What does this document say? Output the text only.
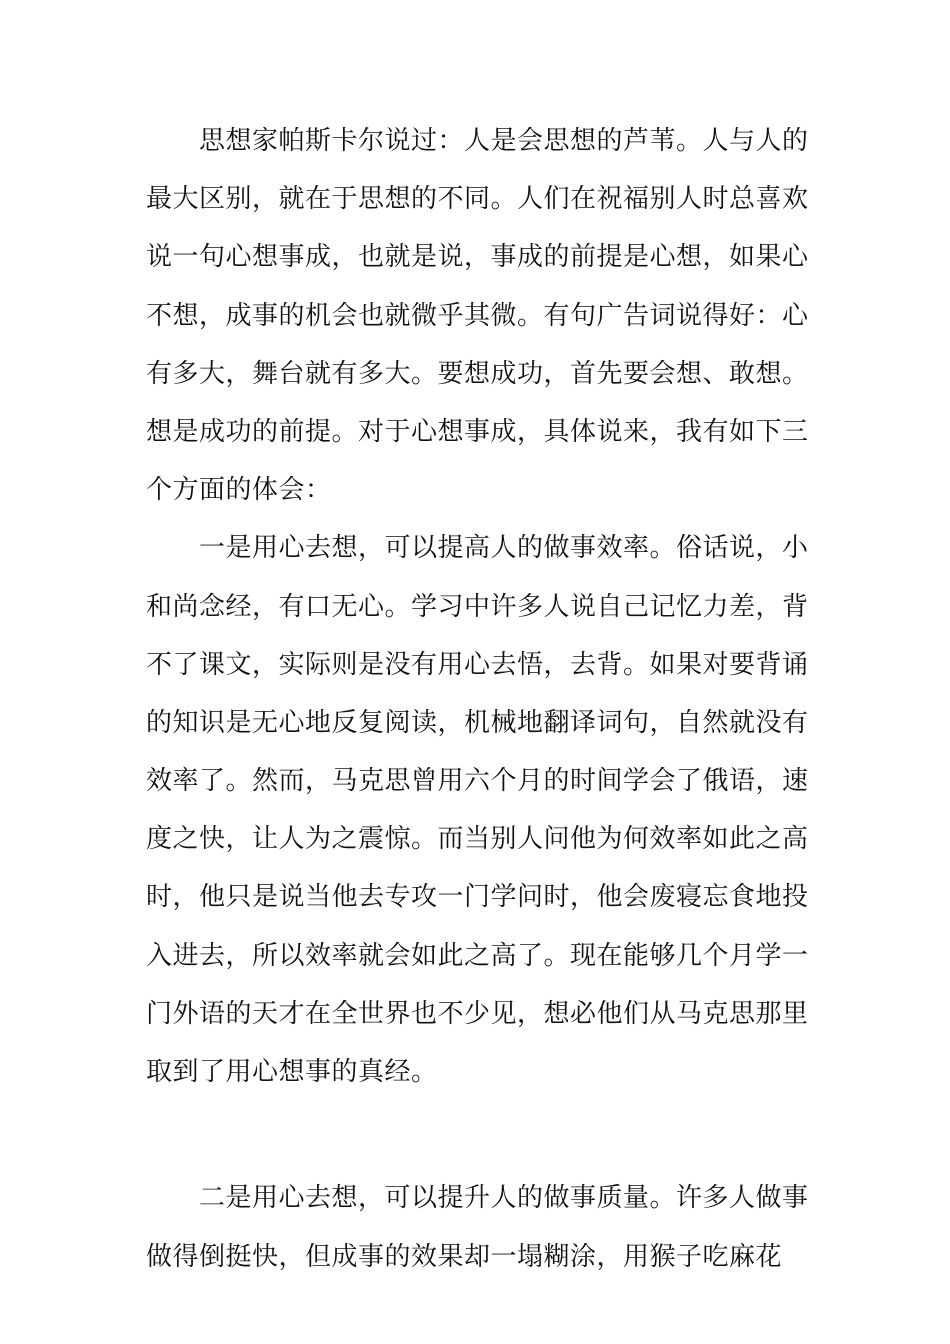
　　思想家帕斯卡尔说过：人是会思想的芦苇。人与人的
最大区别，就在于思想的不同。人们在祝福别人时总喜欢
说一句心想事成，也就是说，事成的前提是心想，如果心
不想，成事的机会也就微乎其微。有句广告词说得好：心
有多大，舞台就有多大。要想成功，首先要会想、敢想。
想是成功的前提。对于心想事成，具体说来，我有如下三
个方面的体会：
　　一是用心去想，可以提高人的做事效率。俗话说，小
和尚念经，有口无心。学习中许多人说自己记忆力差，背
不了课文，实际则是没有用心去悟，去背。如果对要背诵
的知识是无心地反复阅读，机械地翻译词句，自然就没有
效率了。然而，马克思曾用六个月的时间学会了俄语，速
度之快，让人为之震惊。而当别人问他为何效率如此之高
时，他只是说当他去专攻一门学问时，他会废寝忘食地投
入进去，所以效率就会如此之高了。现在能够几个月学一
门外语的天才在全世界也不少见，想必他们从马克思那里
取到了用心想事的真经。
　　二是用心去想，可以提升人的做事质量。许多人做事
做得倒挺快，但成事的效果却一塌糊涂，用猴子吃麻花
